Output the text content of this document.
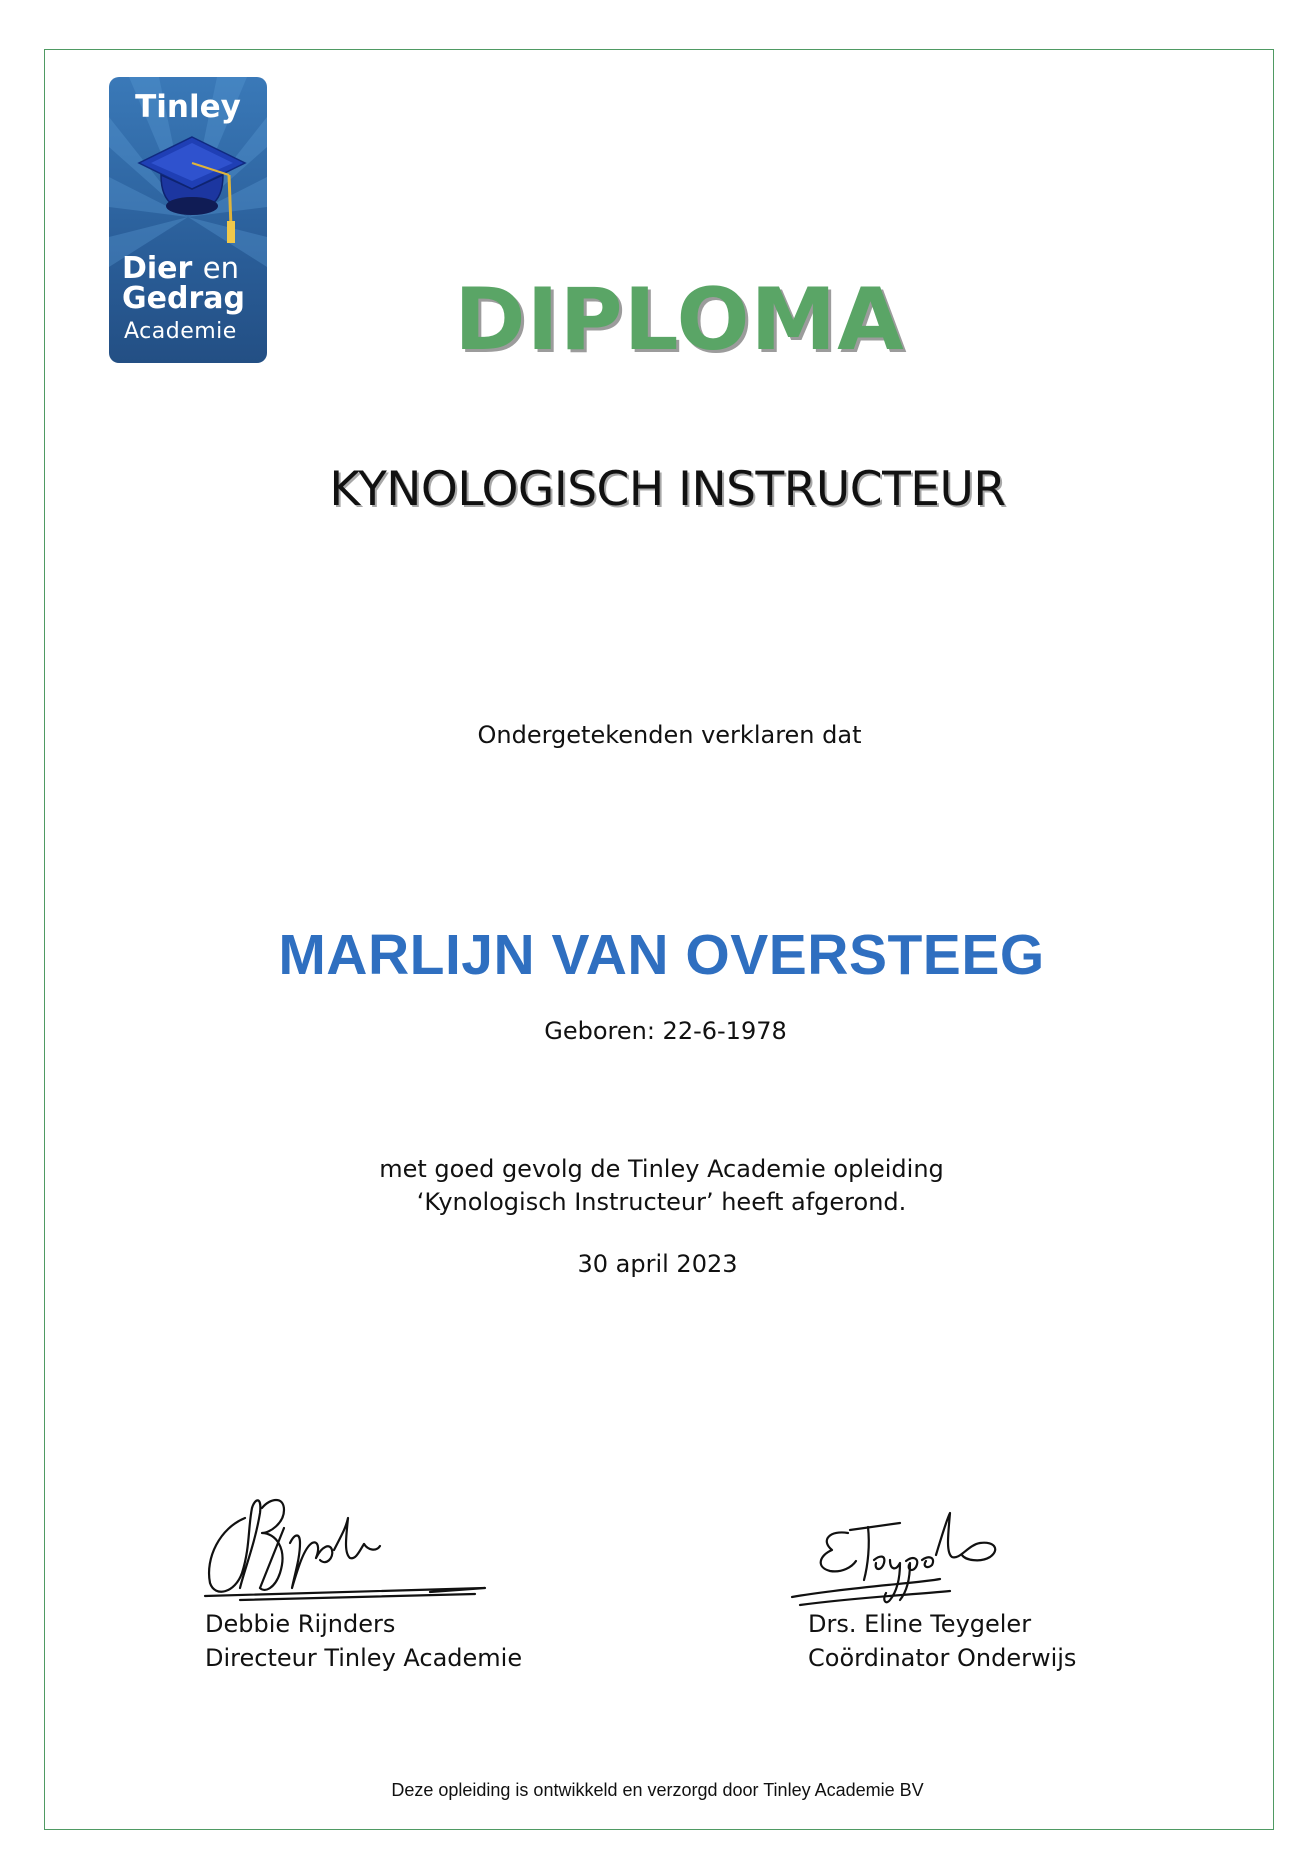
Tinley
Dier en
Gedrag
Academie	DIPLOMA
KYNOLOGISCH INSTRUCTEUR
Ondergetekenden verklaren dat
MARLIJN VAN OVERSTEEG
Geboren: 22-6-1978
met goed gevolg de Tinley Academie opleiding
‘Kynologisch Instructeur’ heeft afgerond.
30 april 2023
Debbie Rijnders
Directeur Tinley Academie
Drs. Eline Teygeler
Coördinator Onderwijs
Deze opleiding is ontwikkeld en verzorgd door Tinley Academie BV
